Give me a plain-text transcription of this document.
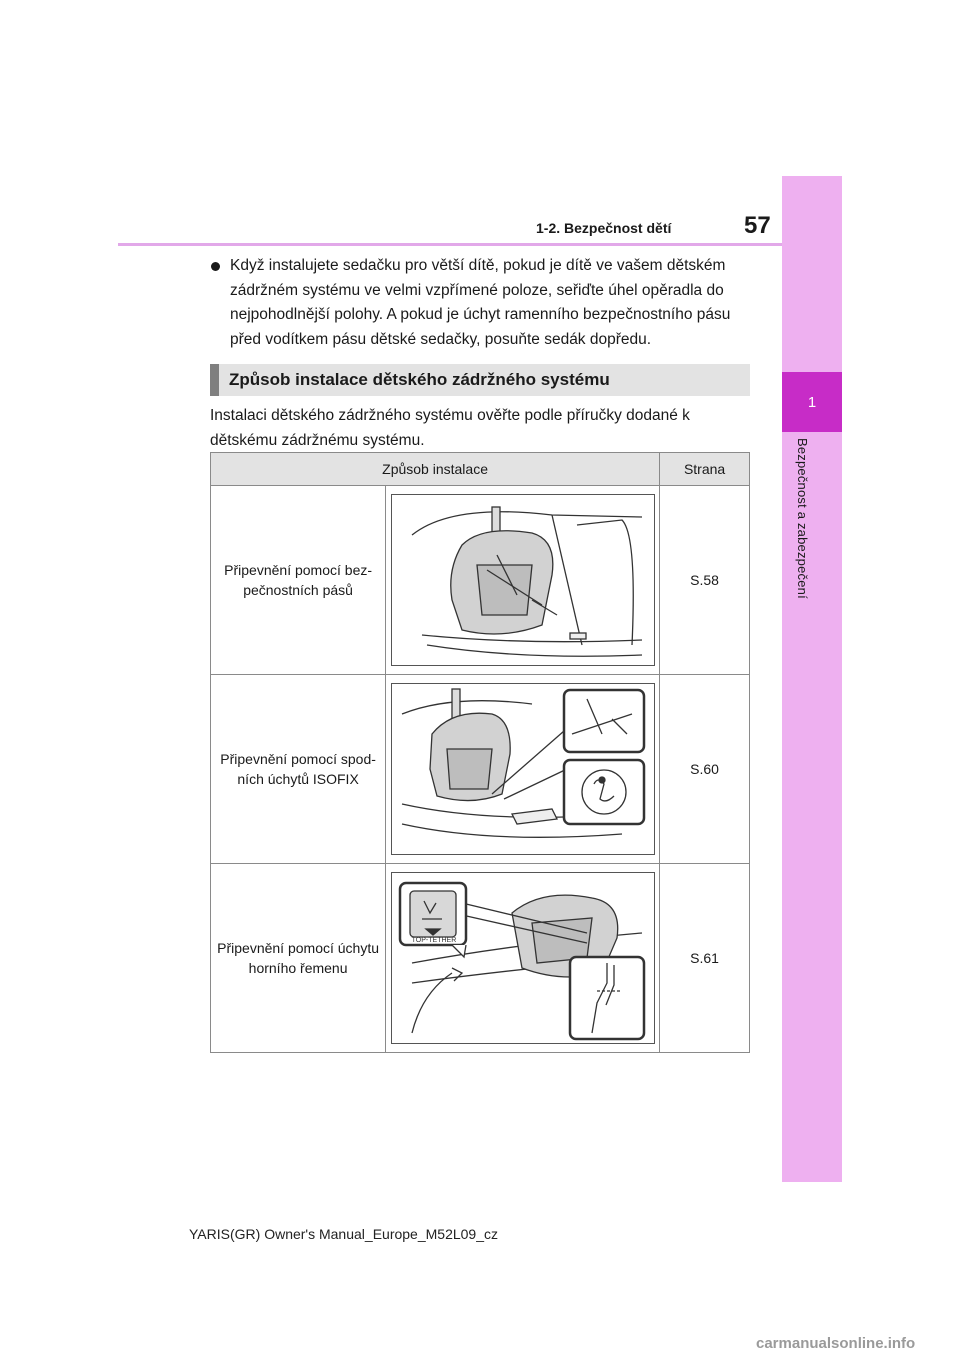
57
1-2. Bezpečnost dětí
1
Bezpečnost a zabezpečení
Když instalujete sedačku pro větší dítě, pokud je dítě ve vašem dětském zádržném systému ve velmi vzpřímené poloze, seřiďte úhel opěradla do nejpohodlnější polohy. A pokud je úchyt ramenního bezpečnostního pásu před vodítkem pásu dětské sedačky, posuňte sedák dopředu.
Způsob instalace dětského zádržného systému
Instalaci dětského zádržného systému ověřte podle příručky dodané k dětskému zádržnému systému.
Způsob instalace		Strana
Připevnění pomocí bez-pečnostních pásů		S.58
Připevnění pomocí spod-ních úchytů ISOFIX		S.60
Připevnění pomocí úchytu horního řemenu	TOP-TETHER	S.61
YARIS(GR) Owner's Manual_Europe_M52L09_cz
carmanualsonline.info
